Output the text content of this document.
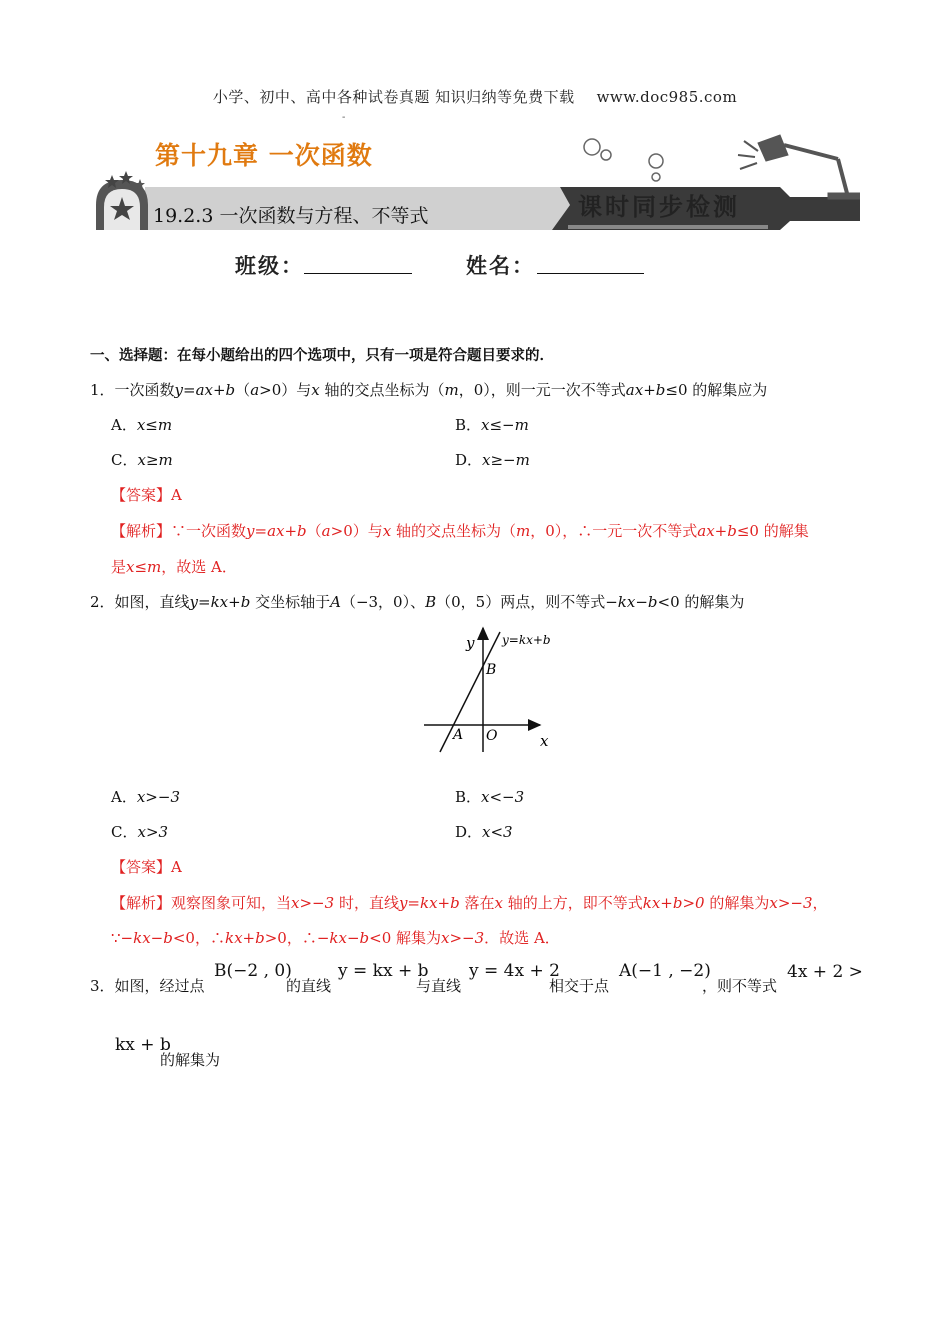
小学、初中、高中各种试卷真题 知识归纳等免费下载 www.doc985.com
-
第十九章 一次函数
19.2.3 一次函数与方程、不等式	课时同步检测
班级：	姓名：
一、选择题：在每小题给出的四个选项中，只有一项是符合题目要求的．
1．一次函数y=ax+b（a>0）与x 轴的交点坐标为（m，0），则一元一次不等式ax+b≤0 的解集应为
A．x≤m	B．x≤−m
C．x≥m	D．x≥−m
【答案】A
【解析】∵一次函数y=ax+b（a>0）与x 轴的交点坐标为（m，0），∴一元一次不等式ax+b≤0 的解集
是x≤m，故选 A．
2．如图，直线y=kx+b 交坐标轴于A（−3，0）、B（0，5）两点，则不等式−kx−b<0 的解集为
y y=kx+b
B
A O	x
A．x>−3	B．x<−3
C．x>3	D．x<3
【答案】A
【解析】观察图象可知，当x>−3 时，直线y=kx+b 落在x 轴的上方，即不等式kx+b>0 的解集为x>−3，
∵−kx−b<0，∴kx+b>0，∴−kx−b<0 解集为x>−3．故选 A．
3．如图，经过点
B(−2 , 0)
的直线
y = kx + b
与直线
y = 4x + 2
相交于点
A(−1 , −2)
，则不等式
4x + 2 >
kx + b
的解集为
